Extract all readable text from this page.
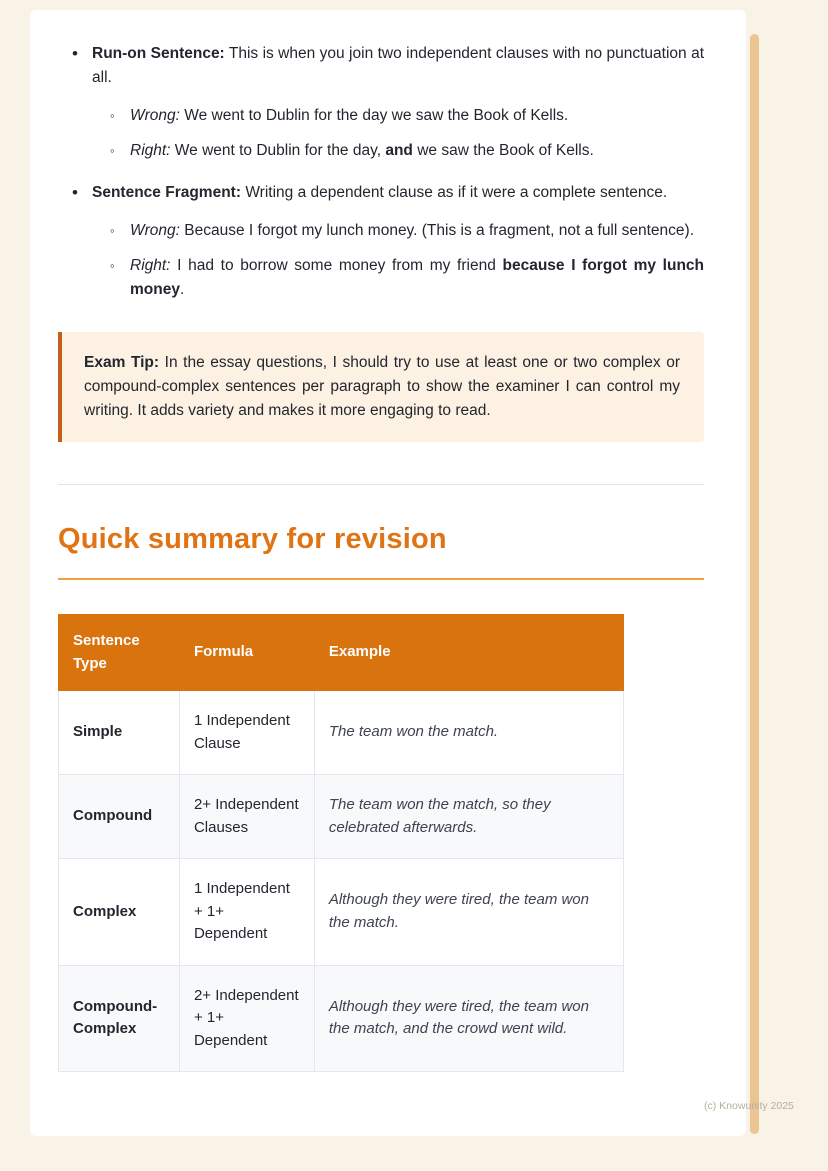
•

Run-on Sentence: This is when you join two independent clauses with no punctuation at all.

◦

Wrong: We went to Dublin for the day we saw the Book of Kells.

◦

Right: We went to Dublin for the day, and we saw the Book of Kells.

•

Sentence Fragment: Writing a dependent clause as if it were a complete sentence.

◦

Wrong: Because I forgot my lunch money. (This is a fragment, not a full sentence).

◦

Right: I had to borrow some money from my friend because I forgot my lunch money.

Exam Tip: In the essay questions, I should try to use at least one or two complex or compound-complex sentences per paragraph to show the examiner I can control my writing. It adds variety and makes it more engaging to read.

Quick summary for revision
Sentence Type	Formula	Example
Simple	1 Independent Clause	The team won the match.
Compound	2+ Independent Clauses	The team won the match, so they celebrated afterwards.
Complex	1 Independent + 1+ Dependent	Although they were tired, the team won the match.
Compound-Complex	2+ Independent + 1+ Dependent	Although they were tired, the team won the match, and the crowd went wild.
(c) Knowunity 2025
